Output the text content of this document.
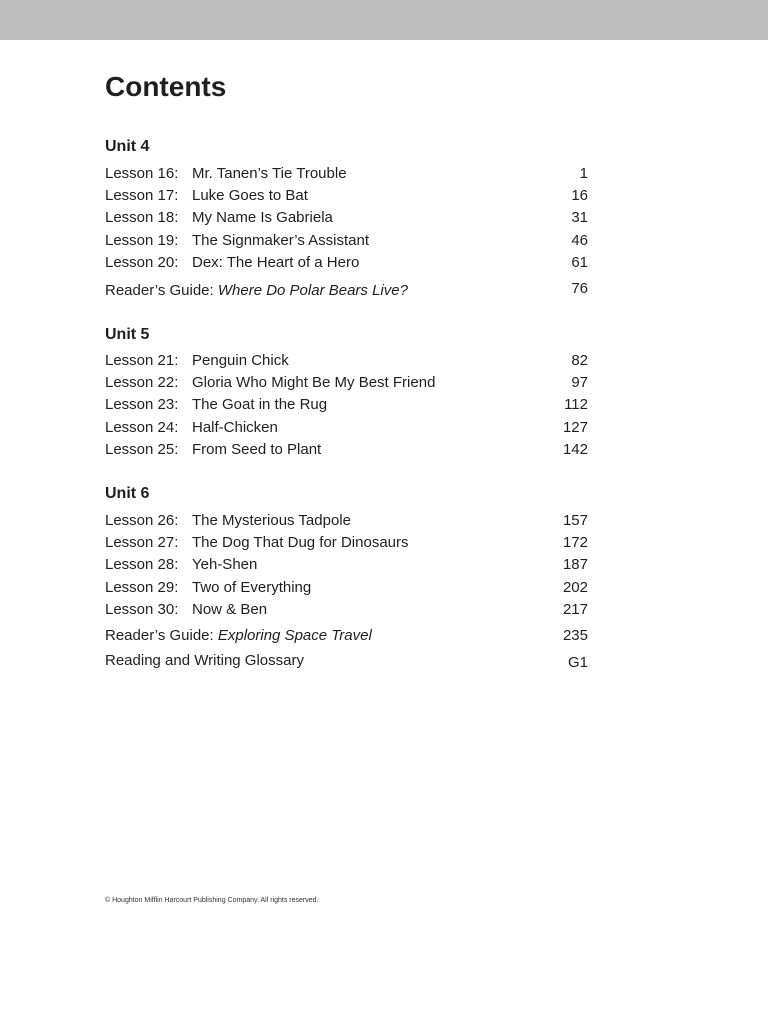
Contents
Unit 4
Lesson 16: Mr. Tanen’s Tie Trouble	1
Lesson 17: Luke Goes to Bat	16
Lesson 18: My Name Is Gabriela	31
Lesson 19: The Signmaker’s Assistant	46
Lesson 20: Dex: The Heart of a Hero	61
Reader’s Guide: Where Do Polar Bears Live?	76
Unit 5
Lesson 21: Penguin Chick	82
Lesson 22: Gloria Who Might Be My Best Friend	97
Lesson 23: The Goat in the Rug	112
Lesson 24: Half-Chicken	127
Lesson 25: From Seed to Plant	142
Unit 6
Lesson 26: The Mysterious Tadpole	157
Lesson 27: The Dog That Dug for Dinosaurs	172
Lesson 28: Yeh-Shen	187
Lesson 29: Two of Everything	202
Lesson 30: Now & Ben	217
Reader’s Guide: Exploring Space Travel	235
Reading and Writing Glossary	G1
© Houghton Mifflin Harcourt Publishing Company. All rights reserved.
